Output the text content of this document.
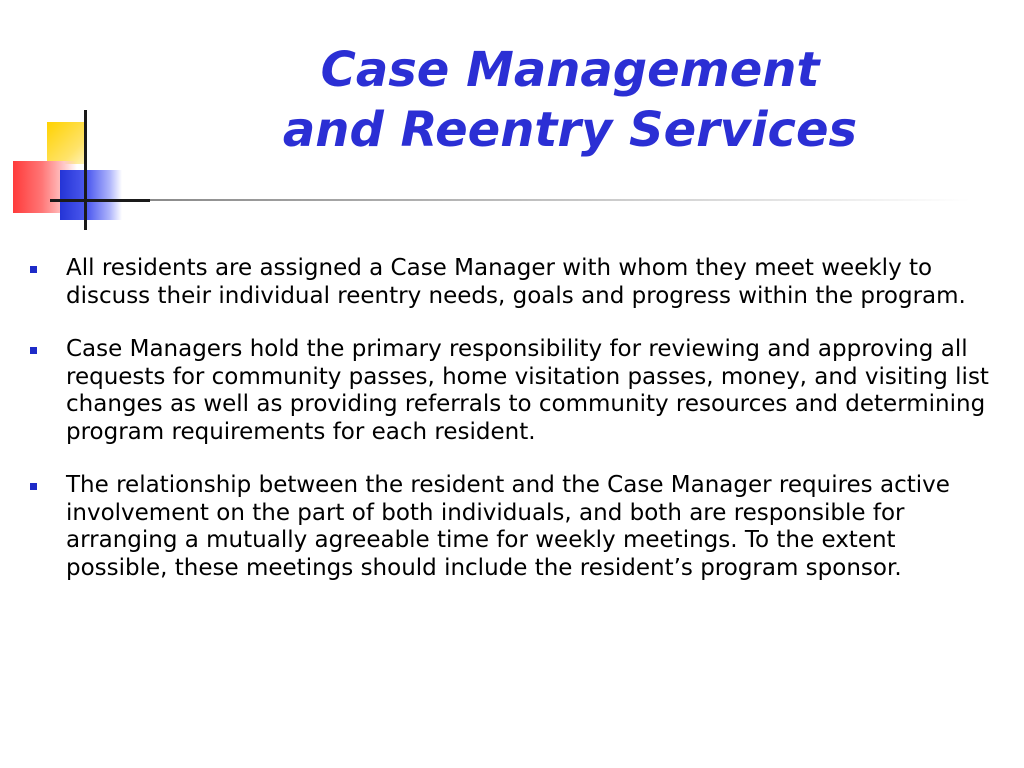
Case Management
and Reentry Services
All residents are assigned a Case Manager with whom they meet weekly to discuss their individual reentry needs, goals and progress within the program.
Case Managers hold the primary responsibility for reviewing and approving all requests for community passes, home visitation passes, money, and visiting list changes as well as providing referrals to community resources and determining program requirements for each resident.
The relationship between the resident and the Case Manager requires active involvement on the part of both individuals, and both are responsible for arranging a mutually agreeable time for weekly meetings. To the extent possible, these meetings should include the resident’s program sponsor.
